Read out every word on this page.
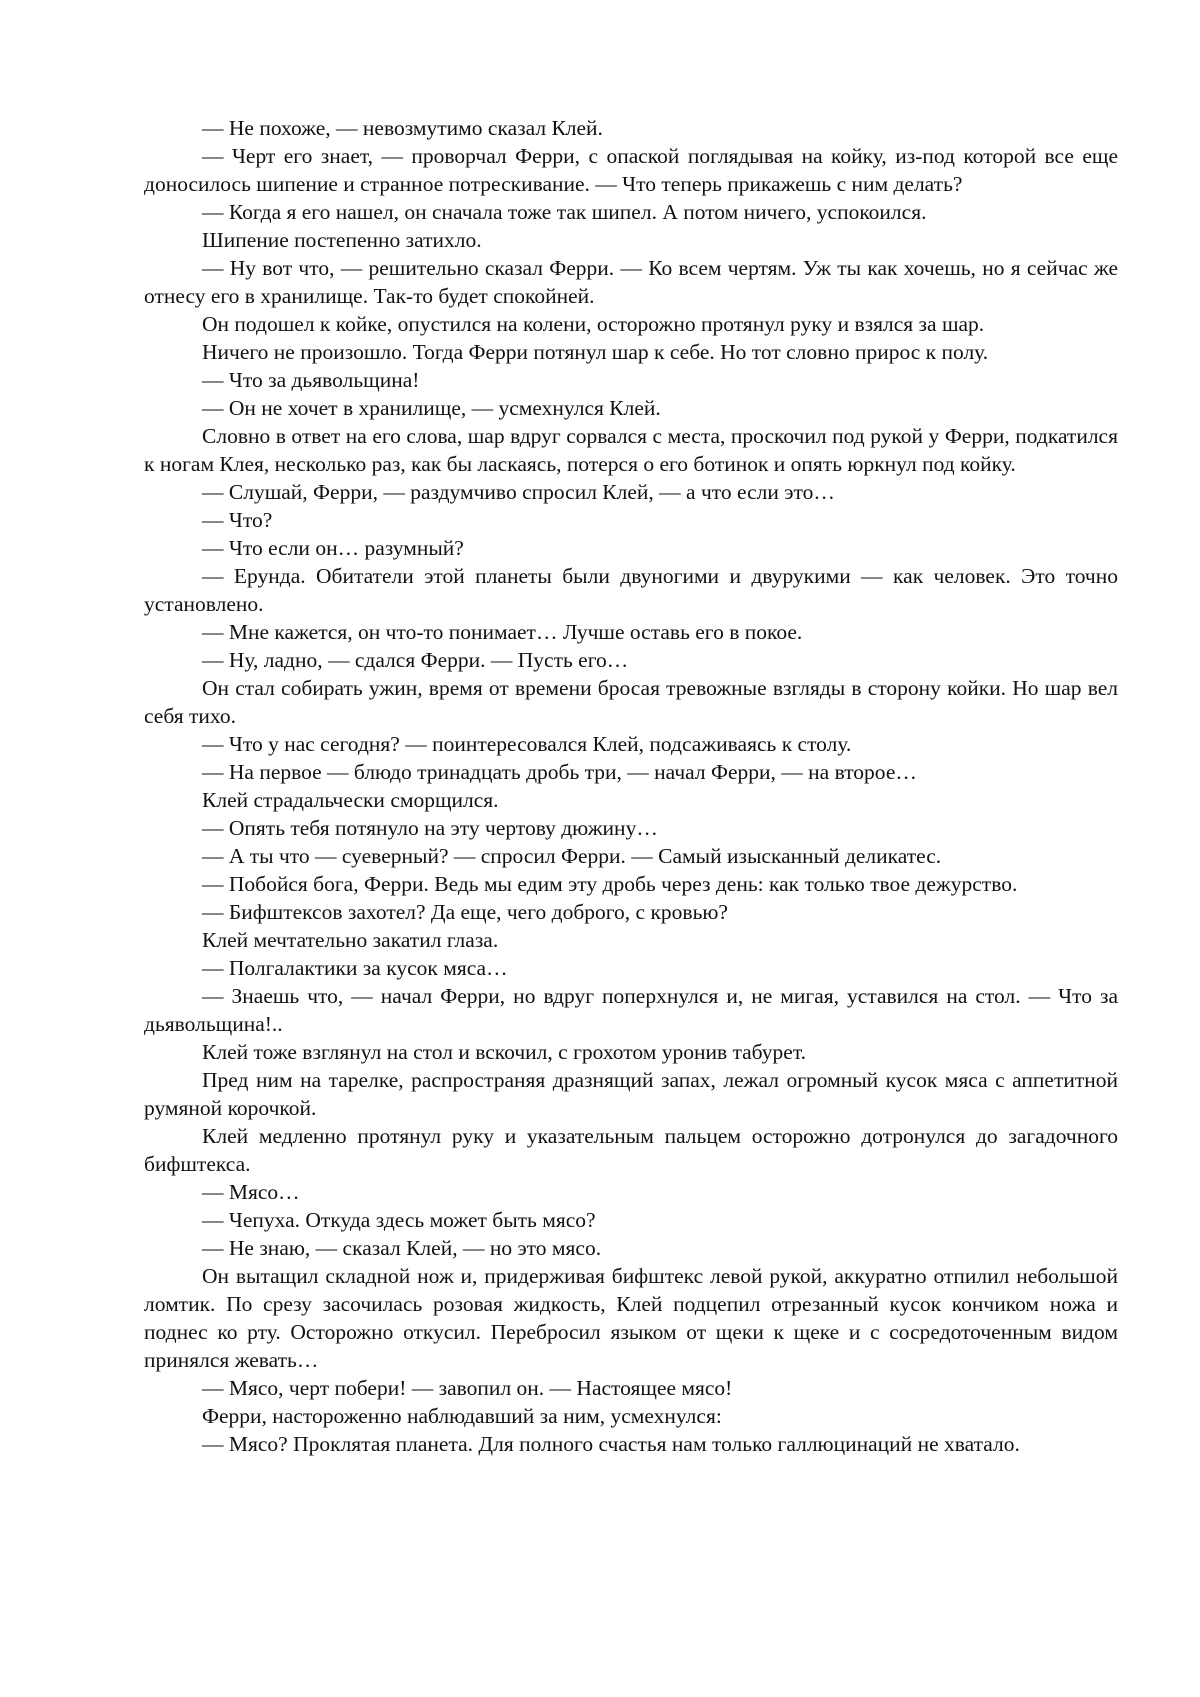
— Не похоже, — невозмутимо сказал Клей.

— Черт его знает, — проворчал Ферри, с опаской поглядывая на койку, из-под которой все еще доносилось шипение и странное потрескивание. — Что теперь прикажешь с ним делать?

— Когда я его нашел, он сначала тоже так шипел. А потом ничего, успокоился.

Шипение постепенно затихло.

— Ну вот что, — решительно сказал Ферри. — Ко всем чертям. Уж ты как хочешь, но я сейчас же отнесу его в хранилище. Так-то будет спокойней.

Он подошел к койке, опустился на колени, осторожно протянул руку и взялся за шар.

Ничего не произошло. Тогда Ферри потянул шар к себе. Но тот словно прирос к полу.

— Что за дьявольщина!

— Он не хочет в хранилище, — усмехнулся Клей.

Словно в ответ на его слова, шар вдруг сорвался с места, проскочил под рукой у Ферри, подкатился к ногам Клея, несколько раз, как бы ласкаясь, потерся о его ботинок и опять юркнул под койку.

— Слушай, Ферри, — раздумчиво спросил Клей, — а что если это…

— Что?

— Что если он… разумный?

— Ерунда. Обитатели этой планеты были двуногими и двурукими — как человек. Это точно установлено.

— Мне кажется, он что-то понимает… Лучше оставь его в покое.

— Ну, ладно, — сдался Ферри. — Пусть его…

Он стал собирать ужин, время от времени бросая тревожные взгляды в сторону койки. Но шар вел себя тихо.

— Что у нас сегодня? — поинтересовался Клей, подсаживаясь к столу.

— На первое — блюдо тринадцать дробь три, — начал Ферри, — на второе…

Клей страдальчески сморщился.

— Опять тебя потянуло на эту чертову дюжину…

— А ты что — суеверный? — спросил Ферри. — Самый изысканный деликатес.

— Побойся бога, Ферри. Ведь мы едим эту дробь через день: как только твое дежурство.

— Бифштексов захотел? Да еще, чего доброго, с кровью?

Клей мечтательно закатил глаза.

— Полгалактики за кусок мяса…

— Знаешь что, — начал Ферри, но вдруг поперхнулся и, не мигая, уставился на стол. — Что за дьявольщина!..

Клей тоже взглянул на стол и вскочил, с грохотом уронив табурет.

Пред ним на тарелке, распространяя дразнящий запах, лежал огромный кусок мяса с аппетитной румяной корочкой.

Клей медленно протянул руку и указательным пальцем осторожно дотронулся до загадочного бифштекса.

— Мясо…

— Чепуха. Откуда здесь может быть мясо?

— Не знаю, — сказал Клей, — но это мясо.

Он вытащил складной нож и, придерживая бифштекс левой рукой, аккуратно отпилил небольшой ломтик. По срезу засочилась розовая жидкость, Клей подцепил отрезанный кусок кончиком ножа и поднес ко рту. Осторожно откусил. Перебросил языком от щеки к щеке и с сосредоточенным видом принялся жевать…

— Мясо, черт побери! — завопил он. — Настоящее мясо!

Ферри, настороженно наблюдавший за ним, усмехнулся:

— Мясо? Проклятая планета. Для полного счастья нам только галлюцинаций не хватало.
